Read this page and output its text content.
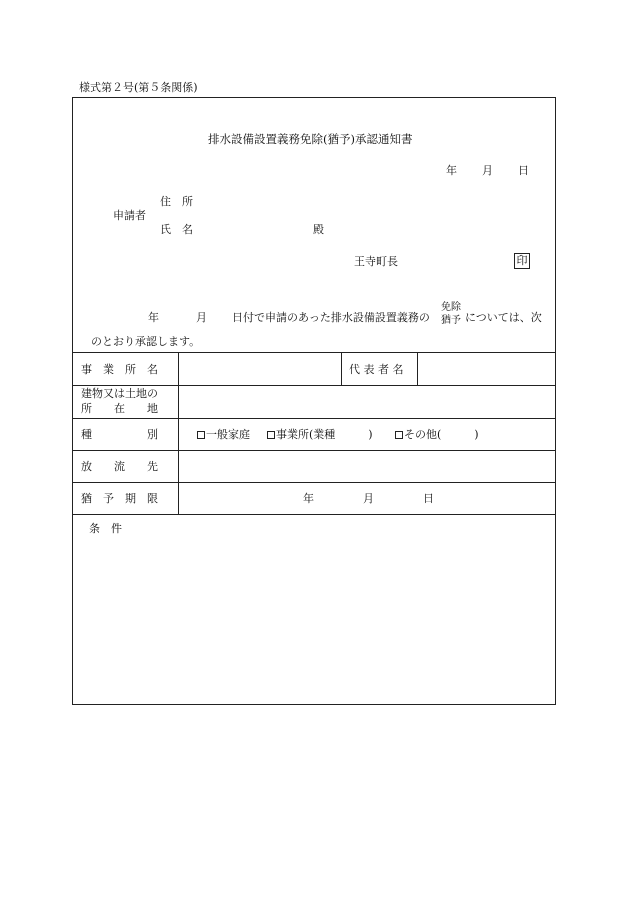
様式第２号(第５条関係)
排水設備設置義務免除(猶予)承認通知書
年 月 日
住　所
申請者
氏　名	殿
王寺町長	印
年	月 日付で申請のあった排水設備設置義務の
免除
猶予 については、次
のとおり承認します。
事　業　所　名	代 表 者 名
建物又は土地の
所　　在　　地
種　　　　　別	一般家庭	事業所(業種　　　)	その他(　　　)
放　　流　　先
猶　予　期　限	年	月	日
条　件
